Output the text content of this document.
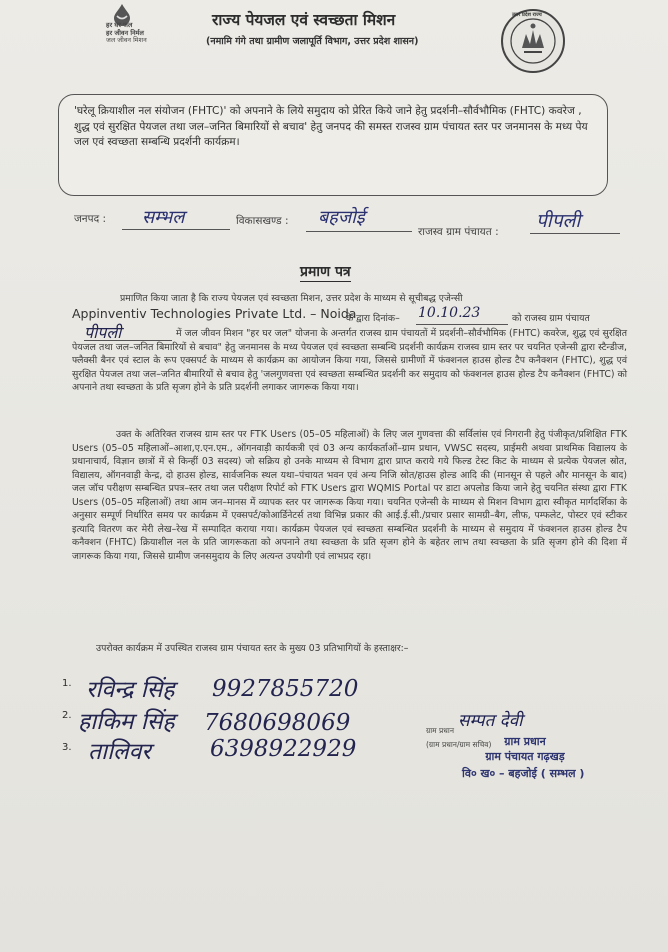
हर घर जल
हर जीवन निर्मल
जल जीवन मिशन
राज्य पेयजल एवं स्वच्छता मिशन
(नमामि गंगे तथा ग्रामीण जलापूर्ति विभाग, उत्तर प्रदेश शासन)
उत्तर प्रदेश राज्य
'घरेलू क्रियाशील नल संयोजन (FHTC)' को अपनाने के लिये समुदाय को प्रेरित किये जाने हेतु प्रदर्शनी–सौर्वभौमिक (FHTC) कवरेज , शुद्ध एवं सुरक्षित पेयजल तथा जल–जनित बिमारियों से बचाव' हेतु जनपद की समस्त राजस्व ग्राम पंचायत स्तर पर जनमानस के मध्य पेय जल एवं स्वच्छता सम्बन्धि प्रदर्शनी कार्यक्रम।
जनपद : सम्भल	विकासखण्ड : बहजोई
राजस्व ग्राम पंचायत : पीपली
प्रमाण पत्र
प्रमाणित किया जाता है कि राज्य पेयजल एवं स्वच्छता मिशन, उत्तर प्रदेश के माध्यम से सूचीबद्ध एजेन्सी
Appinventiv Technologies Private Ltd. – Noida
के द्वारा दिनांक– 10.10.23	को राजस्व ग्राम पंचायत
पीपली	में जल जीवन मिशन "हर घर जल" योजना के अन्तर्गत राजस्व ग्राम पंचायतों में प्रदर्शनी–सौर्वभौमिक (FHTC) कवरेज, शुद्ध एवं सुरक्षित पेयजल तथा जल–जनित बिमारियों से बचाव" हेतु जनमानस के मध्य पेयजल एवं स्वच्छता सम्बन्धि प्रदर्शनी कार्यक्रम राजस्व ग्राम स्तर पर चयनित एजेन्सी द्वारा स्टैन्डीज, फ्लैक्सी बैनर एवं स्टाल के रूप एक्सपर्ट के माध्यम से कार्यक्रम का आयोजन किया गया, जिससे ग्रामीणों में फंक्शनल हाउस होल्ड टैप कनैक्शन (FHTC), शुद्ध एवं सुरक्षित पेयजल तथा जल–जनित बीमारियों से बचाव हेतु 'जलगुणवत्ता एवं स्वच्छता सम्बन्धित प्रदर्शनी कर समुदाय को फंक्शनल हाउस होल्ड टैप कनैक्शन (FHTC) को अपनाने तथा स्वच्छता के प्रति सृजग होने के प्रति प्रदर्शनी लगाकर जागरूक किया गया।
उक्त के अतिरिक्त राजस्व ग्राम स्तर पर FTK Users (05–05 महिलाओं) के लिए जल गुणवत्ता की सर्विलांस एवं निगरानी हेतु पंजीकृत/प्रशिक्षित FTK Users (05–05 महिलाओं–आशा,ए.एन.एम., ऑगनवाड़ी कार्यकत्री एवं 03 अन्य कार्यकर्ताओं–ग्राम प्रधान, VWSC सदस्य, प्राईमरी अथवा प्राथमिक विद्यालय के प्रधानाचार्य, विज्ञान छात्रों में से किन्हीं 03 सदस्य) जो सक्रिय हो उनके माध्यम से विभाग द्वारा प्राप्त कराये गये फिल्ड टेस्ट किट के माध्यम से प्रत्येक पेयजल स्रोत, विद्यालय, ऑगनवाड़ी केन्द्र, दो हाउस होल्ड, सार्वजनिक स्थल यथा–पंचायत भवन एवं अन्य निजि स्रोत/हाउस होल्ड आदि की (मानसून से पहले और मानसून के बाद) जल जॉच परीक्षण सम्बन्धित प्रपत्र–स्तर तथा जल परीक्षण रिपोर्ट को FTK Users द्वारा WQMIS Portal पर डाटा अपलोड किया जाने हेतु चयनित संस्था द्वारा FTK Users (05–05 महिलाओं) तथा आम जन–मानस में व्यापक स्तर पर जागरूक किया गया। चयनित एजेन्सी के माध्यम से मिशन विभाग द्वारा स्वीकृत मार्गदर्शिका के अनुसार सम्पूर्ण निर्धारित समय पर कार्यक्रम में एक्सपर्ट/कोआर्डिनेटर्स तथा विभिन्न प्रकार की आई.ई.सी./प्रचार प्रसार सामग्री–बैग, लीफ, पम्फलेट, पोस्टर एवं स्टीकर इत्यादि वितरण कर मेरी लेख–रेख में सम्पादित कराया गया। कार्यक्रम पेयजल एवं स्वच्छता सम्बन्धित प्रदर्शनी के माध्यम से समुदाय में फंक्शनल हाउस होल्ड टैप कनैक्शन (FHTC) क्रियाशील नल के प्रति जागरूकता को अपनाने तथा स्वच्छता के प्रति सृजग होने के बहेतर लाभ तथा स्वच्छता के प्रति सृजग होने की दिशा में जागरूक किया गया, जिससे ग्रामीण जनसमुदाय के लिए अत्यन्त उपयोगी एवं लाभप्रद रहा।
उपरोक्त कार्यक्रम में उपस्थित राजस्व ग्राम पंचायत स्तर के मुख्य 03 प्रतिभागियों के हस्ताक्षर:–
1. रविन्द्र सिंह 9927855720
2. हाकिम सिंह 7680698069
3. तालिवर	6398922929
ग्राम प्रधान
(ग्राम प्रधान/ग्राम सचिव)
सम्पत देवी
ग्राम प्रधान
ग्राम पंचायत गढ़खड़
वि० ख० – बहजोई ( सम्भल )
